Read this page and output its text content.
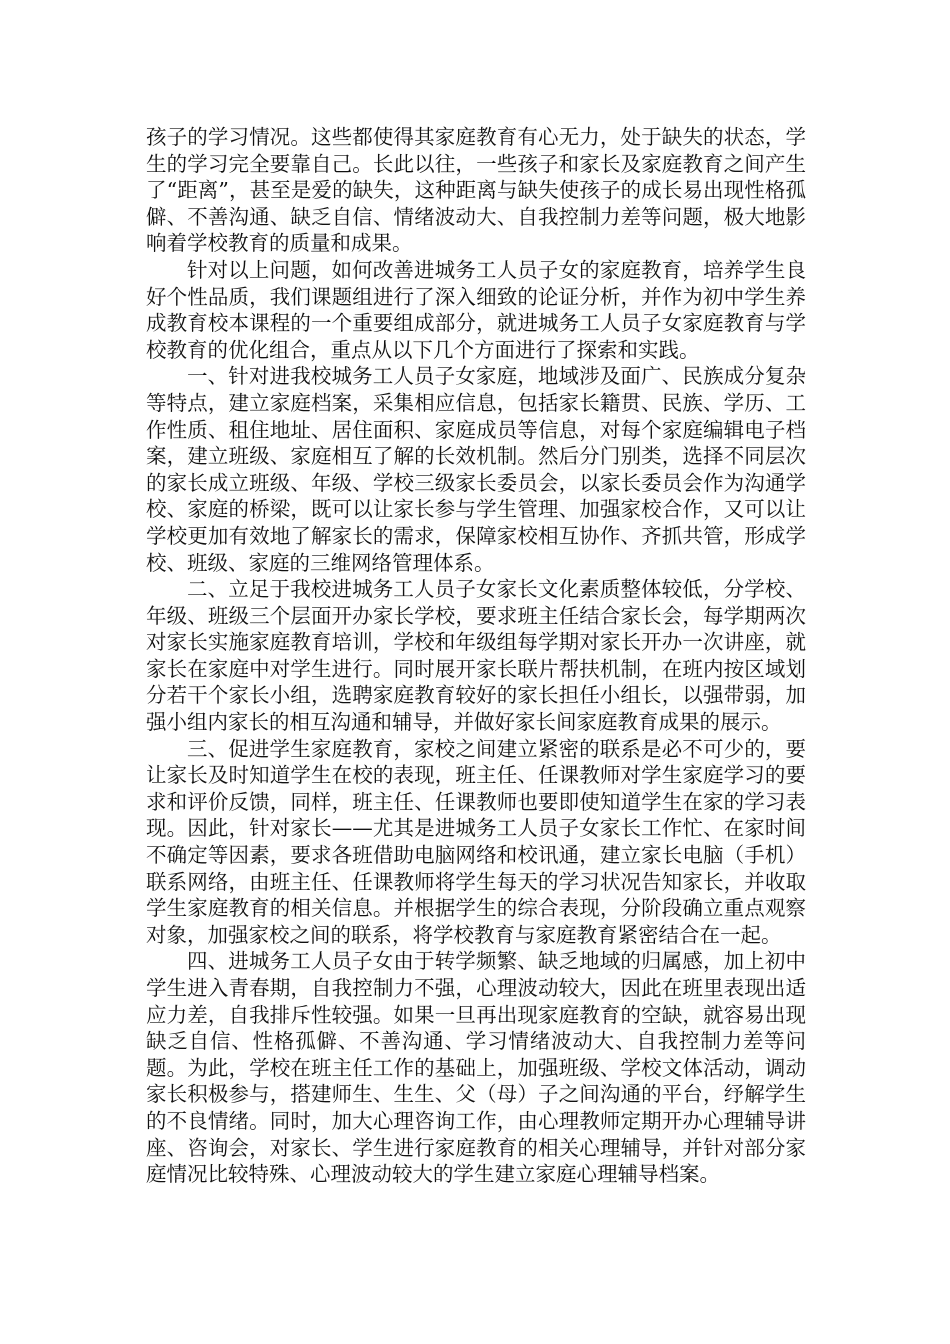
孩子的学习情况。这些都使得其家庭教育有心无力，处于缺失的状态，学生的学习完全要靠自己。长此以往，一些孩子和家长及家庭教育之间产生了“距离”，甚至是爱的缺失，这种距离与缺失使孩子的成长易出现性格孤僻、不善沟通、缺乏自信、情绪波动大、自我控制力差等问题，极大地影响着学校教育的质量和成果。

针对以上问题，如何改善进城务工人员子女的家庭教育，培养学生良好个性品质，我们课题组进行了深入细致的论证分析，并作为初中学生养成教育校本课程的一个重要组成部分，就进城务工人员子女家庭教育与学校教育的优化组合，重点从以下几个方面进行了探索和实践。

一、针对进我校城务工人员子女家庭，地域涉及面广、民族成分复杂等特点，建立家庭档案，采集相应信息，包括家长籍贯、民族、学历、工作性质、租住地址、居住面积、家庭成员等信息，对每个家庭编辑电子档案，建立班级、家庭相互了解的长效机制。然后分门别类，选择不同层次的家长成立班级、年级、学校三级家长委员会，以家长委员会作为沟通学校、家庭的桥梁，既可以让家长参与学生管理、加强家校合作，又可以让学校更加有效地了解家长的需求，保障家校相互协作、齐抓共管，形成学校、班级、家庭的三维网络管理体系。

二、立足于我校进城务工人员子女家长文化素质整体较低，分学校、年级、班级三个层面开办家长学校，要求班主任结合家长会，每学期两次对家长实施家庭教育培训，学校和年级组每学期对家长开办一次讲座，就家长在家庭中对学生进行。同时展开家长联片帮扶机制，在班内按区域划分若干个家长小组，选聘家庭教育较好的家长担任小组长，以强带弱，加强小组内家长的相互沟通和辅导，并做好家长间家庭教育成果的展示。

三、促进学生家庭教育，家校之间建立紧密的联系是必不可少的，要让家长及时知道学生在校的表现，班主任、任课教师对学生家庭学习的要求和评价反馈，同样，班主任、任课教师也要即使知道学生在家的学习表现。因此，针对家长——尤其是进城务工人员子女家长工作忙、在家时间不确定等因素，要求各班借助电脑网络和校讯通，建立家长电脑（手机）联系网络，由班主任、任课教师将学生每天的学习状况告知家长，并收取学生家庭教育的相关信息。并根据学生的综合表现，分阶段确立重点观察对象，加强家校之间的联系，将学校教育与家庭教育紧密结合在一起。

四、进城务工人员子女由于转学频繁、缺乏地域的归属感，加上初中学生进入青春期，自我控制力不强，心理波动较大，因此在班里表现出适应力差，自我排斥性较强。如果一旦再出现家庭教育的空缺，就容易出现缺乏自信、性格孤僻、不善沟通、学习情绪波动大、自我控制力差等问题。为此，学校在班主任工作的基础上，加强班级、学校文体活动，调动家长积极参与，搭建师生、生生、父（母）子之间沟通的平台，纾解学生的不良情绪。同时，加大心理咨询工作，由心理教师定期开办心理辅导讲座、咨询会，对家长、学生进行家庭教育的相关心理辅导，并针对部分家庭情况比较特殊、心理波动较大的学生建立家庭心理辅导档案。
